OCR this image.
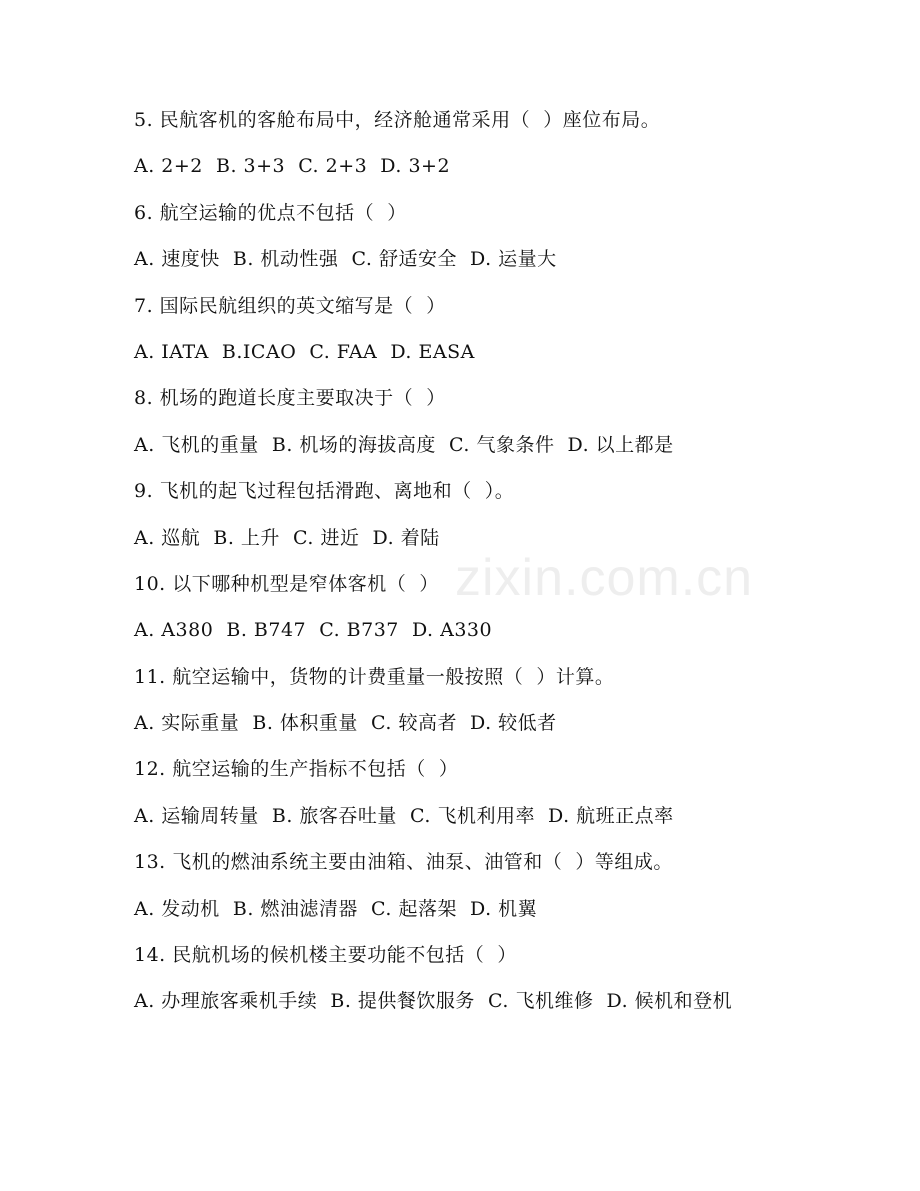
zixin.com.cn
5. 民航客机的客舱布局中，经济舱通常采用（  ）座位布局。
A. 2+2  B. 3+3  C. 2+3  D. 3+2
6. 航空运输的优点不包括（  ）
A. 速度快  B. 机动性强  C. 舒适安全  D. 运量大
7. 国际民航组织的英文缩写是（  ）
A. IATA  B.ICAO  C. FAA  D. EASA
8. 机场的跑道长度主要取决于（  ）
A. 飞机的重量  B. 机场的海拔高度  C. 气象条件  D. 以上都是
9. 飞机的起飞过程包括滑跑、离地和（  ）。
A. 巡航  B. 上升  C. 进近  D. 着陆
10. 以下哪种机型是窄体客机（  ）
A. A380  B. B747  C. B737  D. A330
11. 航空运输中，货物的计费重量一般按照（  ）计算。
A. 实际重量  B. 体积重量  C. 较高者  D. 较低者
12. 航空运输的生产指标不包括（  ）
A. 运输周转量  B. 旅客吞吐量  C. 飞机利用率  D. 航班正点率
13. 飞机的燃油系统主要由油箱、油泵、油管和（  ）等组成。
A. 发动机  B. 燃油滤清器  C. 起落架  D. 机翼
14. 民航机场的候机楼主要功能不包括（  ）
A. 办理旅客乘机手续  B. 提供餐饮服务  C. 飞机维修  D. 候机和登机
